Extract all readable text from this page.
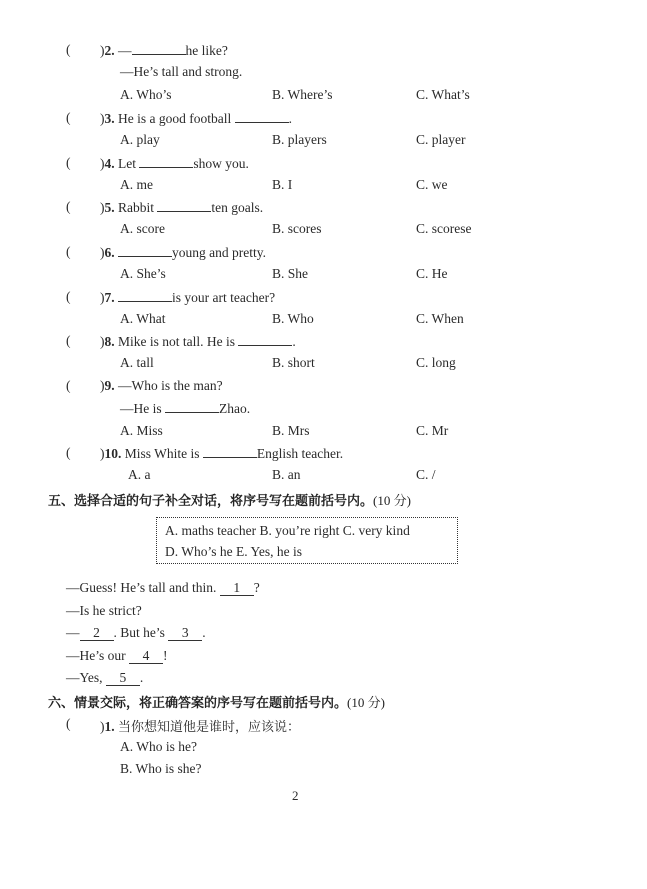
( )2. —	he like?
—He’s tall and strong.
A. Who’s	B. Where’s	C. What’s
( )3. He is a good football	.
A. play	B. players	C. player
( )4. Let	show you.
A. me	B. I	C. we
( )5. Rabbit	ten goals.
A. score	B. scores	C. scorese
( )6.	young and pretty.
A. She’s	B. She	C. He
( )7.	is your art teacher?
A. What	B. Who	C. When
( )8. Mike is not tall. He is	.
A. tall	B. short	C. long
( )9. —Who is the man?
—He is	Zhao.
A. Miss	B. Mrs	C. Mr
( )10. Miss White is	English teacher.
A. a	B. an	C. /
五、选择合适的句子补全对话，将序号写在题前括号内。(10 分)
A. maths teacher B. you’re right C. very kind
D. Who’s he E. Yes, he is
—Guess! He’s tall and thin. 1 ?
—Is he strict?
— 2 . But he’s 3 .
—He’s our 4 !
—Yes, 5 .
六、情景交际，将正确答案的序号写在题前括号内。(10 分)
( )1. 当你想知道他是谁时，应该说：
A. Who is he?
B. Who is she?
2
